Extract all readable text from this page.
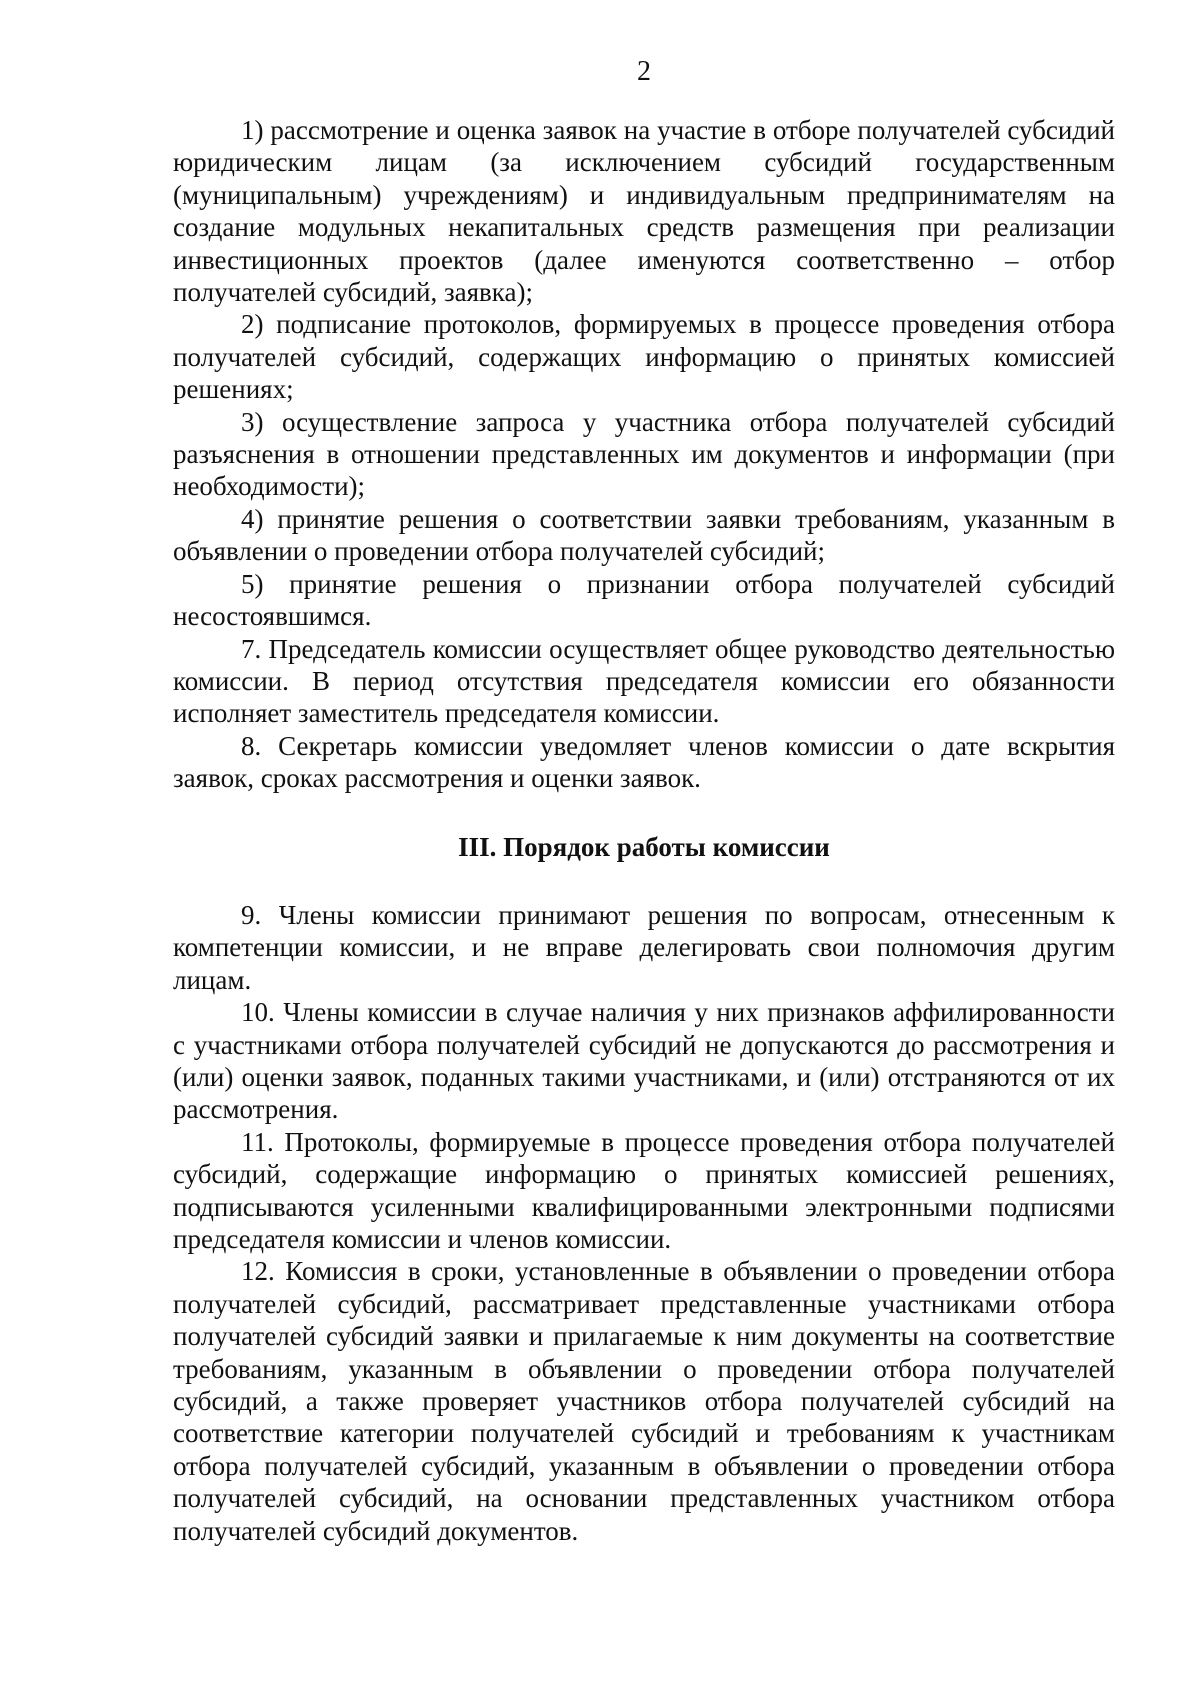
2

1) рассмотрение и оценка заявок на участие в отборе получателей субсидий юридическим лицам (за исключением субсидий государственным (муниципальным) учреждениям) и индивидуальным предпринимателям на создание модульных некапитальных средств размещения при реализации инвестиционных проектов (далее именуются соответственно – отбор получателей субсидий, заявка);

2) подписание протоколов, формируемых в процессе проведения отбора получателей субсидий, содержащих информацию о принятых комиссией решениях;

3) осуществление запроса у участника отбора получателей субсидий разъяснения в отношении представленных им документов и информации (при необходимости);

4) принятие решения о соответствии заявки требованиям, указанным в объявлении о проведении отбора получателей субсидий;

5) принятие решения о признании отбора получателей субсидий несостоявшимся.

7. Председатель комиссии осуществляет общее руководство деятельностью комиссии. В период отсутствия председателя комиссии его обязанности исполняет заместитель председателя комиссии.

8. Секретарь комиссии уведомляет членов комиссии о дате вскрытия заявок, сроках рассмотрения и оценки заявок.

III. Порядок работы комиссии

9. Члены комиссии принимают решения по вопросам, отнесенным к компетенции комиссии, и не вправе делегировать свои полномочия другим лицам.

10. Члены комиссии в случае наличия у них признаков аффилированности с участниками отбора получателей субсидий не допускаются до рассмотрения и (или) оценки заявок, поданных такими участниками, и (или) отстраняются от их рассмотрения.

11. Протоколы, формируемые в процессе проведения отбора получателей субсидий, содержащие информацию о принятых комиссией решениях, подписываются усиленными квалифицированными электронными подписями председателя комиссии и членов комиссии.

12. Комиссия в сроки, установленные в объявлении о проведении отбора получателей субсидий, рассматривает представленные участниками отбора получателей субсидий заявки и прилагаемые к ним документы на соответствие требованиям, указанным в объявлении о проведении отбора получателей субсидий, а также проверяет участников отбора получателей субсидий на соответствие категории получателей субсидий и требованиям к участникам отбора получателей субсидий, указанным в объявлении о проведении отбора получателей субсидий, на основании представленных участником отбора получателей субсидий документов.
